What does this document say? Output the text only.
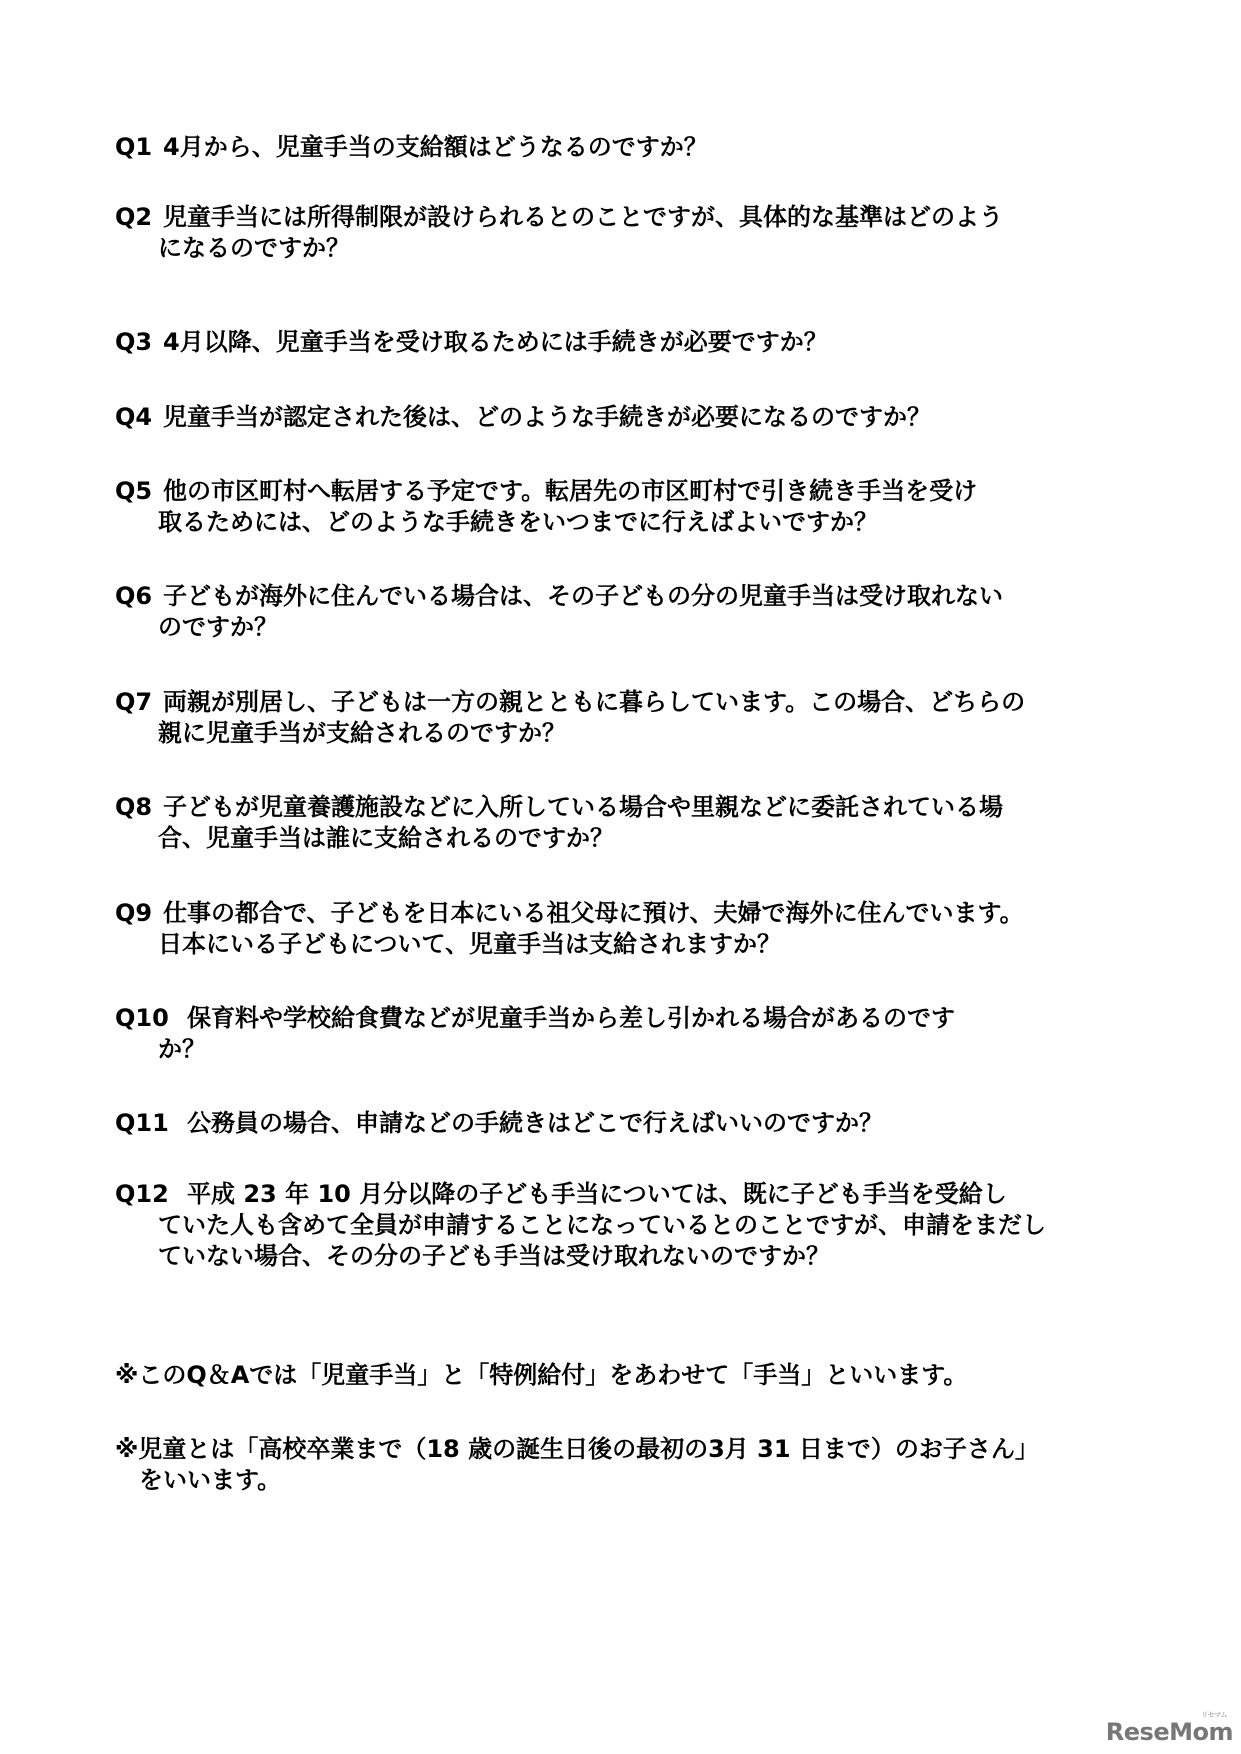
Q1 4月から、児童手当の支給額はどうなるのですか？
Q2 児童手当には所得制限が設けられるとのことですが、具体的な基準はどのよう
になるのですか？
Q3 4月以降、児童手当を受け取るためには手続きが必要ですか？
Q4 児童手当が認定された後は、どのような手続きが必要になるのですか？
Q5 他の市区町村へ転居する予定です。転居先の市区町村で引き続き手当を受け
取るためには、どのような手続きをいつまでに行えばよいですか？
Q6 子どもが海外に住んでいる場合は、その子どもの分の児童手当は受け取れない
のですか？
Q7 両親が別居し、子どもは一方の親とともに暮らしています。この場合、どちらの
親に児童手当が支給されるのですか？
Q8 子どもが児童養護施設などに入所している場合や里親などに委託されている場
合、児童手当は誰に支給されるのですか？
Q9 仕事の都合で、子どもを日本にいる祖父母に預け、夫婦で海外に住んでいます。
日本にいる子どもについて、児童手当は支給されますか？
Q10 保育料や学校給食費などが児童手当から差し引かれる場合があるのです
か？
Q11 公務員の場合、申請などの手続きはどこで行えばいいのですか？
Q12 平成 23 年 10 月分以降の子ども手当については、既に子ども手当を受給し
ていた人も含めて全員が申請することになっているとのことですが、申請をまだし
ていない場合、その分の子ども手当は受け取れないのですか？
※このQ＆Aでは「児童手当」と「特例給付」をあわせて「手当」といいます。
※児童とは「高校卒業まで（18 歳の誕生日後の最初の3月 31 日まで）のお子さん」
　をいいます。
リセマム
ReseMom
